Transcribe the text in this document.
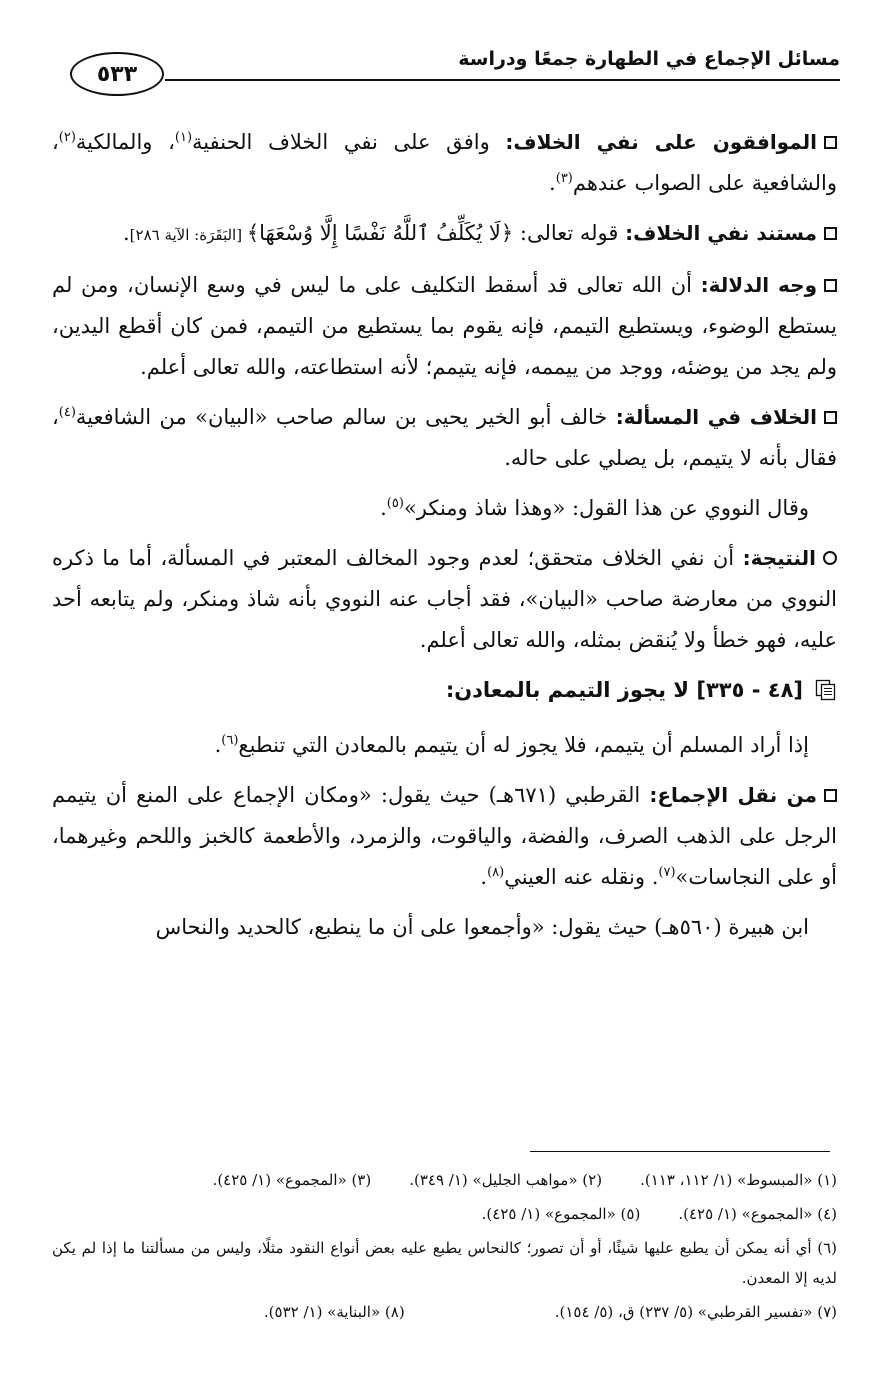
مسائل الإجماع في الطهارة جمعًا ودراسة
٥٣٣

الموافقون على نفي الخلاف: وافق على نفي الخلاف الحنفية$^{(١)}$، والمالكية$^{(٢)}$، والشافعية على الصواب عندهم$^{(٣)}$.

مستند نفي الخلاف: قوله تعالى: ﴿لَا يُكَلِّفُ ٱللَّهُ نَفْسًا إِلَّا وُسْعَهَا﴾ [البَقَرَة: الآية ٢٨٦].

وجه الدلالة: أن الله تعالى قد أسقط التكليف على ما ليس في وسع الإنسان، ومن لم يستطع الوضوء، ويستطيع التيمم، فإنه يقوم بما يستطيع من التيمم، فمن كان أقطع اليدين، ولم يجد من يوضئه، ووجد من ييممه، فإنه يتيمم؛ لأنه استطاعته، والله تعالى أعلم.

الخلاف في المسألة: خالف أبو الخير يحيى بن سالم صاحب «البيان» من الشافعية$^{(٤)}$، فقال بأنه لا يتيمم، بل يصلي على حاله.

وقال النووي عن هذا القول: «وهذا شاذ ومنكر»$^{(٥)}$.

النتيجة: أن نفي الخلاف متحقق؛ لعدم وجود المخالف المعتبر في المسألة، أما ما ذكره النووي من معارضة صاحب «البيان»، فقد أجاب عنه النووي بأنه شاذ ومنكر، ولم يتابعه أحد عليه، فهو خطأ ولا يُنقض بمثله، والله تعالى أعلم.

[٤٨ - ٣٣٥] لا يجوز التيمم بالمعادن:

إذا أراد المسلم أن يتيمم، فلا يجوز له أن يتيمم بالمعادن التي تنطبع$^{(٦)}$.

من نقل الإجماع: القرطبي (٦٧١هـ) حيث يقول: «ومكان الإجماع على المنع أن يتيمم الرجل على الذهب الصرف، والفضة، والياقوت، والزمرد، والأطعمة كالخبز واللحم وغيرهما، أو على النجاسات»$^{(٧)}$. ونقله عنه العيني$^{(٨)}$.

ابن هبيرة (٥٦٠هـ) حيث يقول: «وأجمعوا على أن ما ينطبع، كالحديد والنحاس

(١) «المبسوط» (١/ ١١٢، ١١٣).
(٢) «مواهب الجليل» (١/ ٣٤٩).
(٣) «المجموع» (١/ ٤٢٥).
(٤) «المجموع» (١/ ٤٢٥).
(٥) «المجموع» (١/ ٤٢٥).
(٦) أي أنه يمكن أن يطبع عليها شيئًا، أو أن تصور؛ كالنحاس يطبع عليه بعض أنواع النقود مثلًا، وليس من مسألتنا ما إذا لم يكن لديه إلا المعدن.
(٧) «تفسير القرطبي» (٥/ ٢٣٧) ق، (٥/ ١٥٤).
(٨) «البناية» (١/ ٥٣٢).
